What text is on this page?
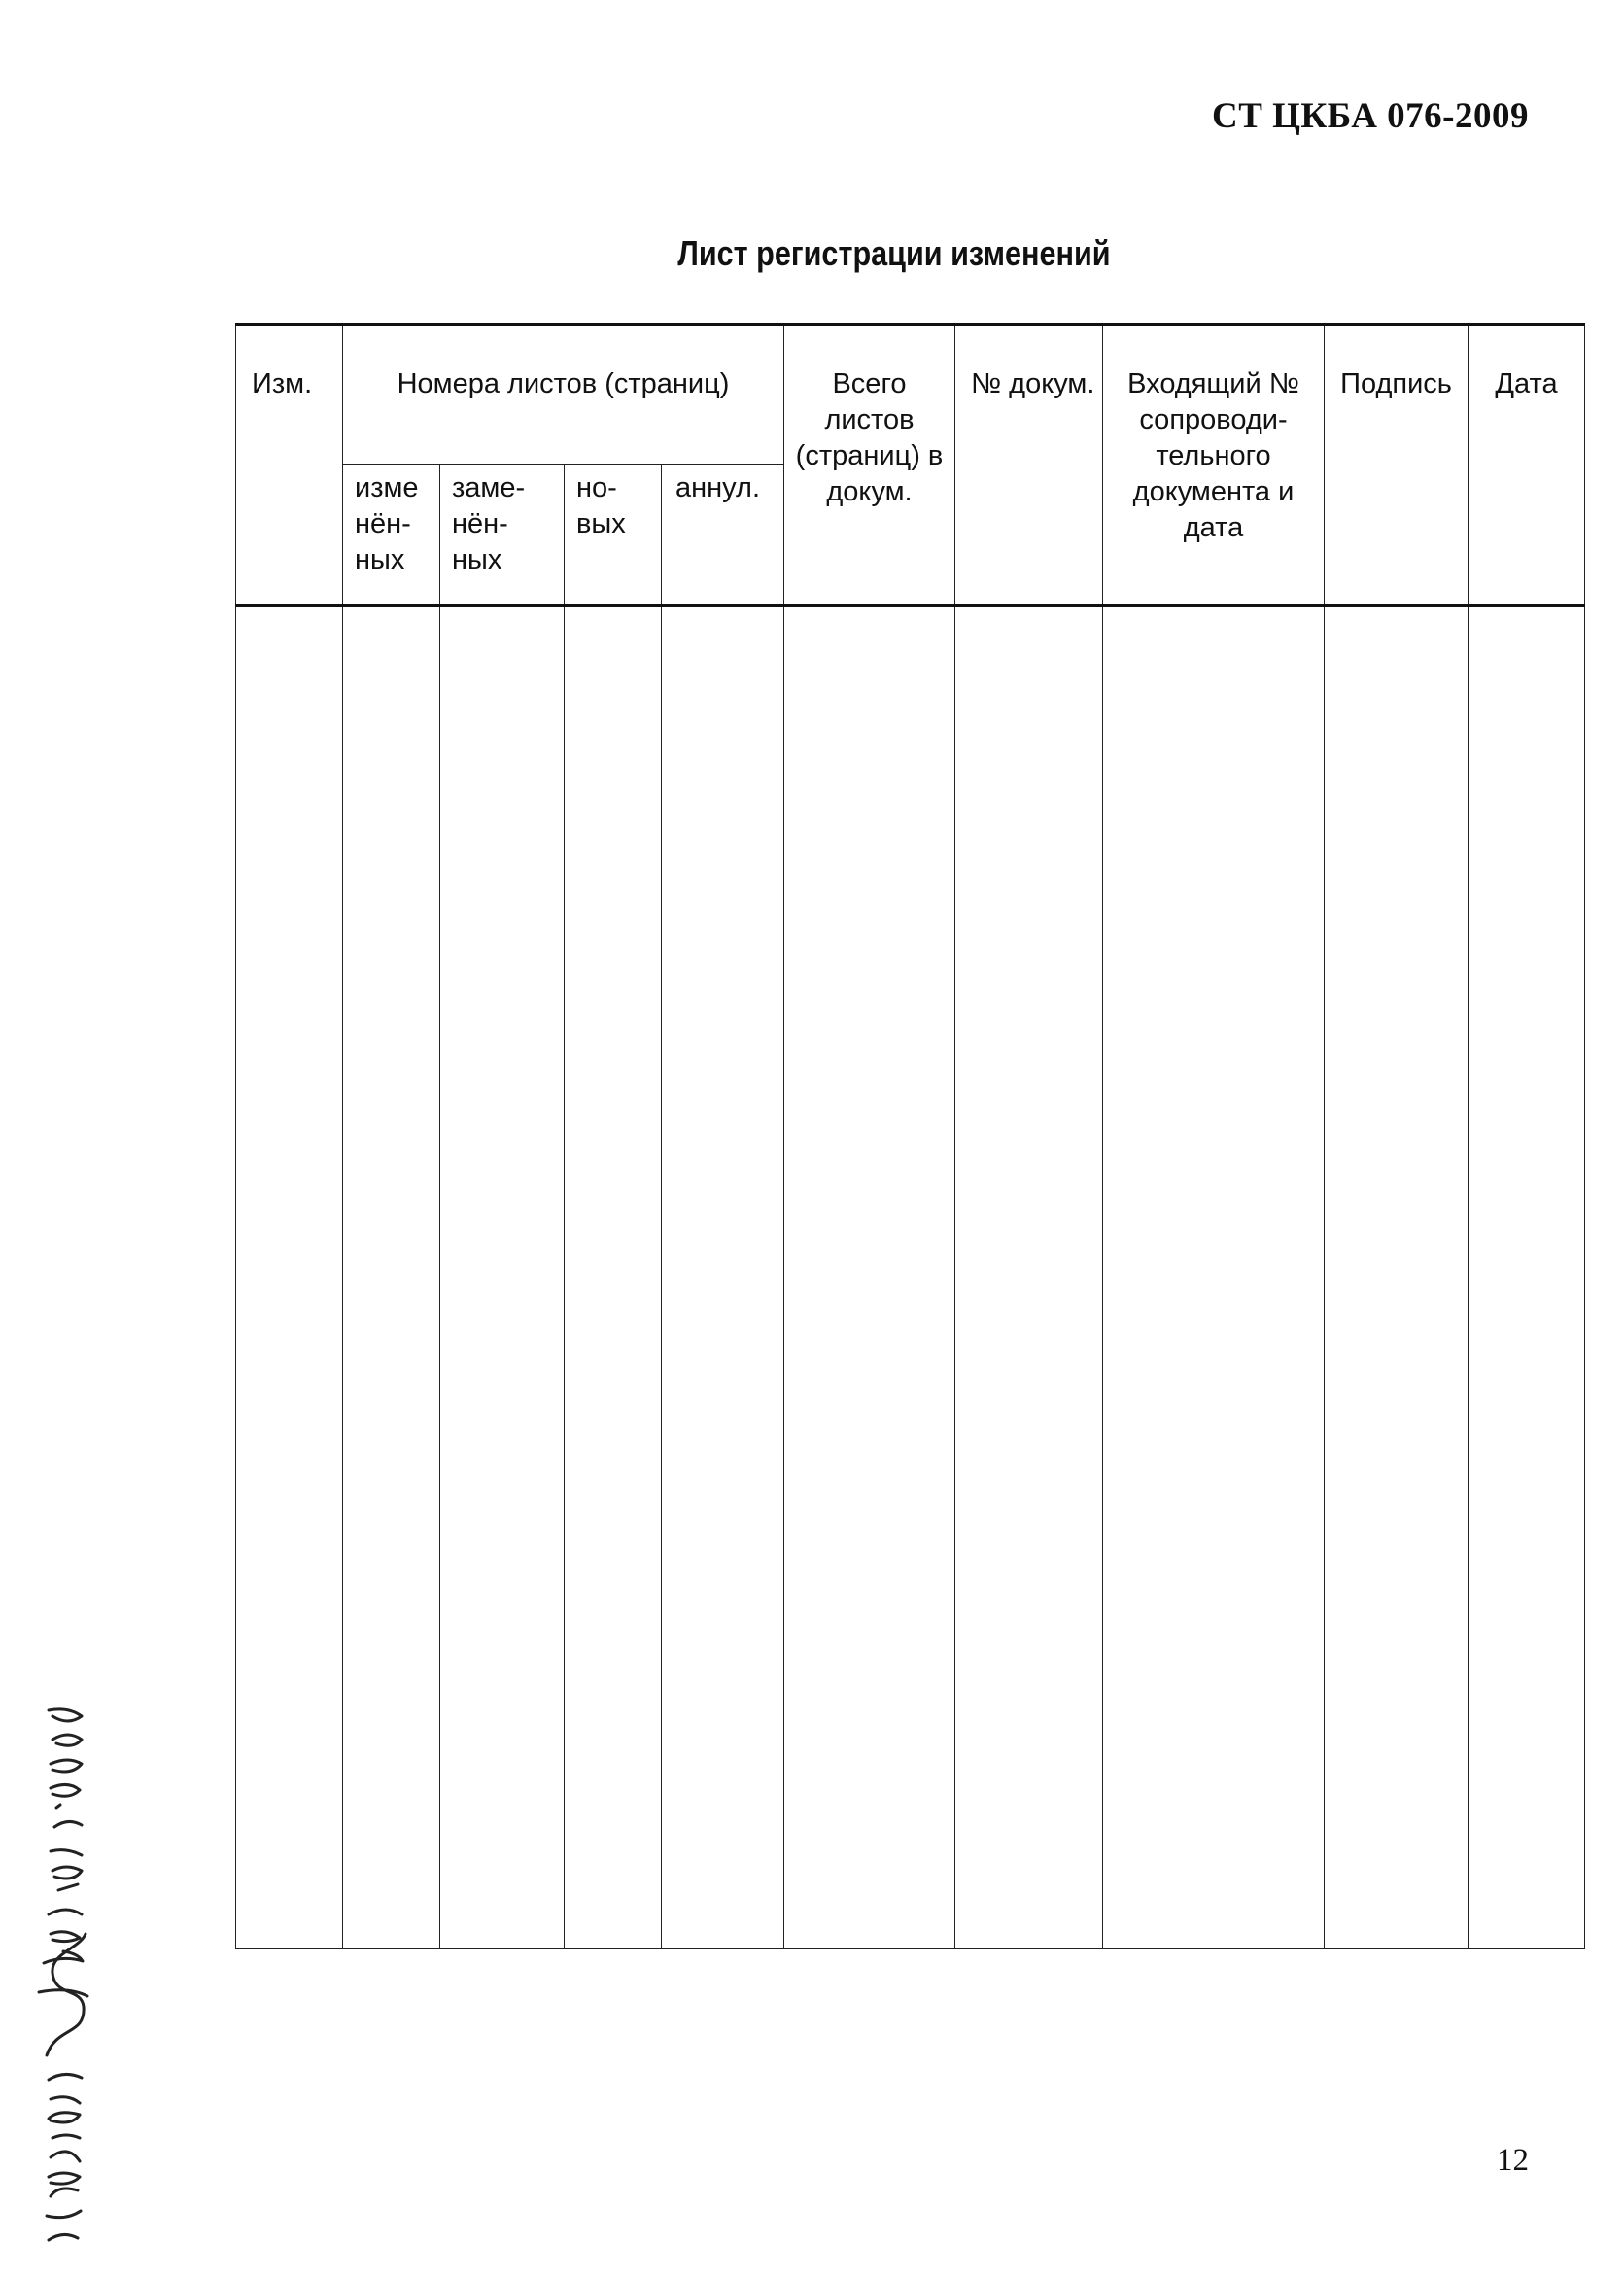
СТ ЦКБА 076-2009
Лист регистрации изменений
Изм.	Номера листов (страниц)				Всего листов (страниц) в докум.	№ докум.	Входящий № сопроводи- тельного документа и дата	Подпись	Дата
	изме нён- ных	заме- нён- ных	но- вых	аннул.					

12
